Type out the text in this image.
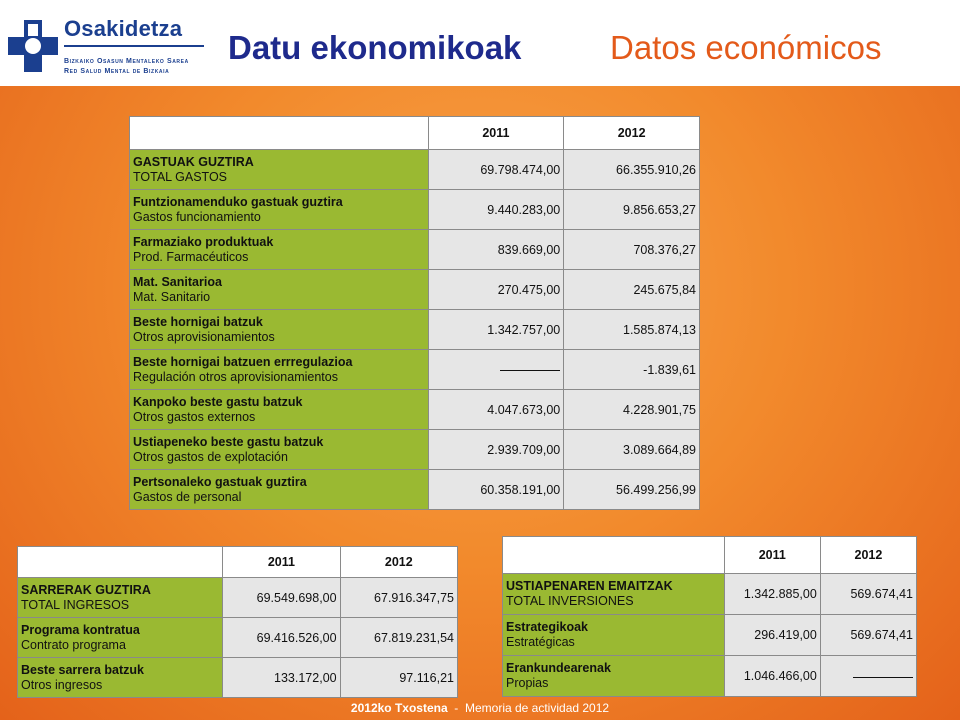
Osakidetza
Bizkaiko Osasun Mentaleko Sarea
Red Salud Mental de Bizkaia
Datu ekonomikoak	Datos económicos
	2011	2012

GASTUAK GUZTIRA
TOTAL GASTOS	69.798.474,00	66.355.910,26

Funtzionamenduko gastuak guztira
Gastos funcionamiento	9.440.283,00	9.856.653,27

Farmaziako produktuak
Prod. Farmacéuticos	839.669,00	708.376,27

Mat. Sanitarioa
Mat. Sanitario	270.475,00	245.675,84

Beste hornigai batzuk
Otros aprovisionamientos	1.342.757,00	1.585.874,13

Beste hornigai batzuen errregulazioa
Regulación otros aprovisionamientos		-1.839,61

Kanpoko beste gastu batzuk
Otros gastos externos	4.047.673,00	4.228.901,75

Ustiapeneko beste gastu batzuk
Otros gastos de explotación	2.939.709,00	3.089.664,89

Pertsonaleko gastuak guztira
Gastos de personal	60.358.191,00	56.499.256,99
	2011	2012

SARRERAK GUZTIRA
TOTAL INGRESOS	69.549.698,00	67.916.347,75

Programa kontratua
Contrato programa	69.416.526,00	67.819.231,54

Beste sarrera batzuk
Otros ingresos	133.172,00	97.116,21
	2011	2012

USTIAPENAREN EMAITZAK
TOTAL INVERSIONES	1.342.885,00	569.674,41

Estrategikoak
Estratégicas	296.419,00	569.674,41

Erankundearenak
Propias	1.046.466,00	
2012ko Txostena  -  Memoria de actividad 2012
